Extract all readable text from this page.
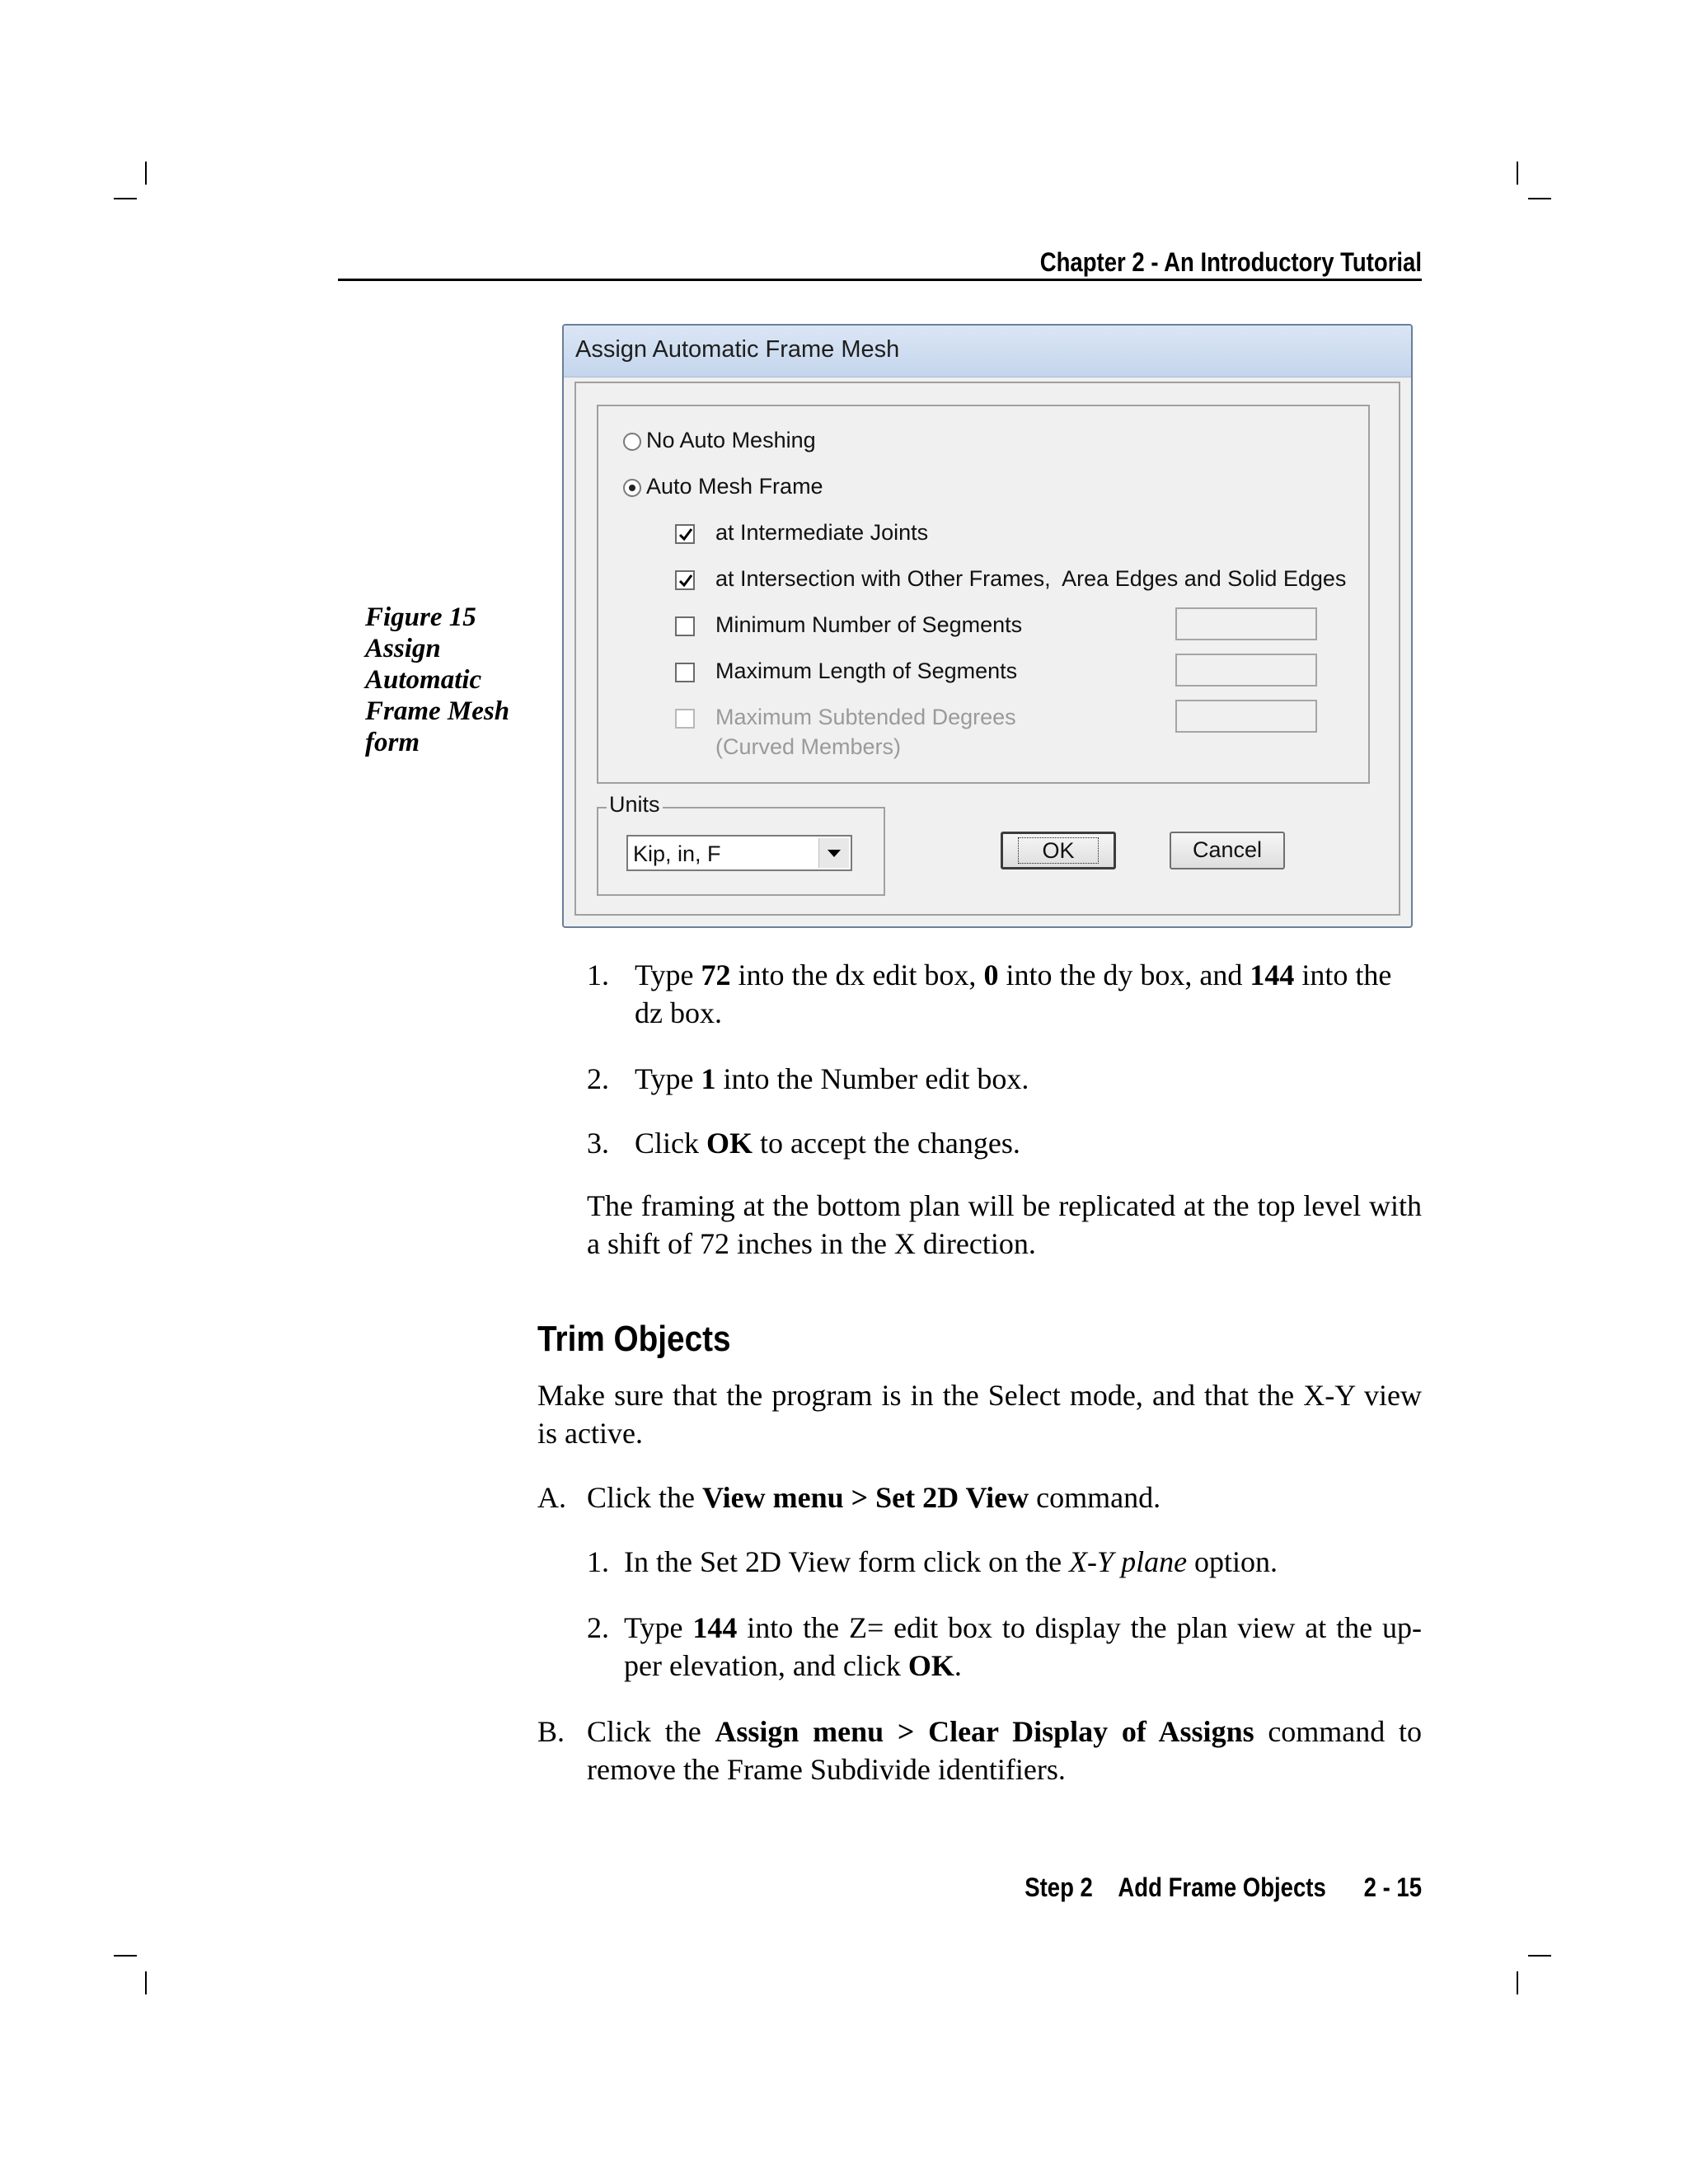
Chapter 2 - An Introductory Tutorial
Figure 15
Assign
Automatic
Frame Mesh
form
Assign Automatic Frame Mesh
No Auto Meshing
Auto Mesh Frame
at Intermediate Joints
at Intersection with Other Frames,  Area Edges and Solid Edges
Minimum Number of Segments
Maximum Length of Segments
Maximum Subtended Degrees
(Curved Members)
Units
Kip, in, F	OK	Cancel
1. Type 72 into the dx edit box, 0 into the dy box, and 144 into the dz box.
2. Type 1 into the Number edit box.
3. Click OK to accept the changes.
The framing at the bottom plan will be replicated at the top level with a shift of 72 inches in the X direction.
Trim Objects
Make sure that the program is in the Select mode, and that the X-Y view is active.
A. Click the View menu > Set 2D View command.
1. In the Set 2D View form click on the X-Y plane option.
2. Type 144 into the Z= edit box to display the plan view at the up-per elevation, and click OK.
B. Click the Assign menu > Clear Display of Assigns command to remove the Frame Subdivide identifiers.
Step 2 Add Frame Objects 2 - 15
